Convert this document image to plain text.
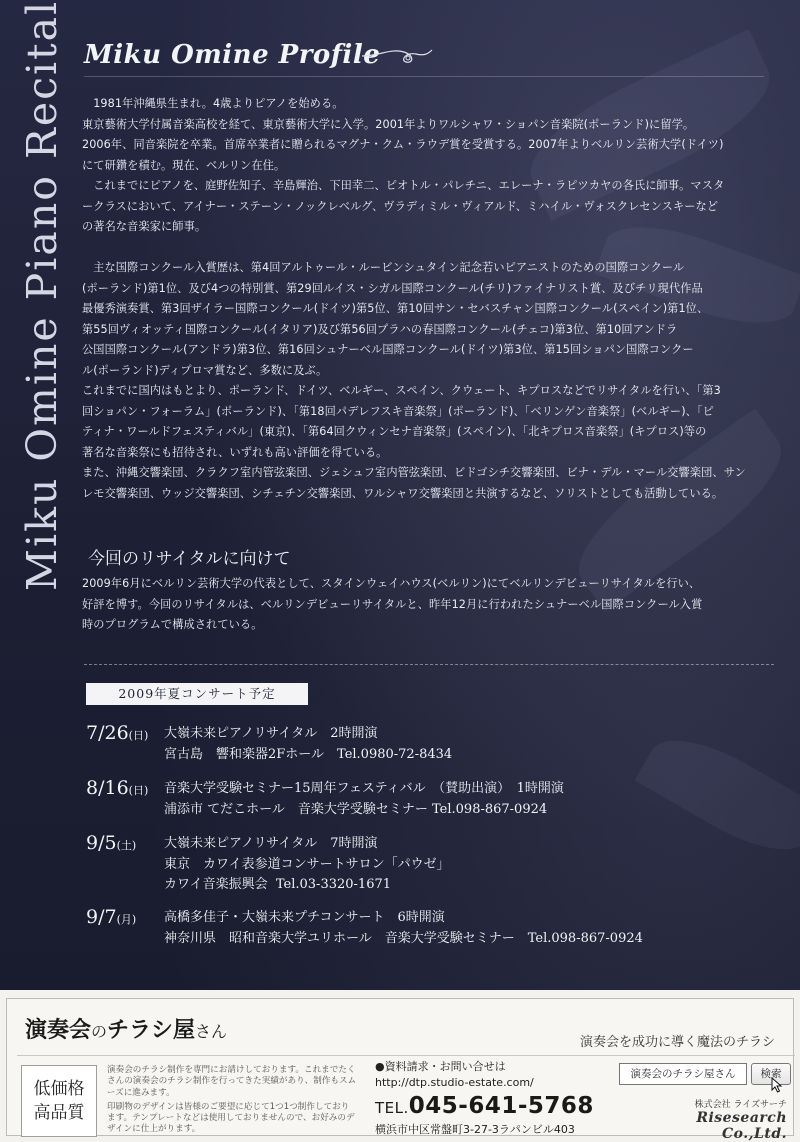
Miku Omine Piano Recital Miku Omine Profile
1981年沖縄県生まれ。4歳よりピアノを始める。
東京藝術大学付属音楽高校を経て、東京藝術大学に入学。2001年よりワルシャワ・ショパン音楽院(ポーランド)に留学。
2006年、同音楽院を卒業。首席卒業者に贈られるマグナ・クム・ラウデ賞を受賞する。2007年よりベルリン芸術大学(ドイツ)
にて研鑽を積む。現在、ベルリン在住。
これまでにピアノを、庭野佐知子、辛島輝治、下田幸二、ピオトル・パレチニ、エレーナ・ラピツカヤの各氏に師事。マスタ
ークラスにおいて、アイナー・ステーン・ノックレベルグ、ヴラディミル・ヴィアルド、ミハイル・ヴォスクレセンスキーなど
の著名な音楽家に師事。
主な国際コンクール入賞歴は、第4回アルトゥール・ルービンシュタイン記念若いピアニストのための国際コンクール
(ポーランド)第1位、及び4つの特別賞、第29回ルイス・シガル国際コンクール(チリ)ファイナリスト賞、及びチリ現代作品
最優秀演奏賞、第3回ザイラー国際コンクール(ドイツ)第5位、第10回サン・セバスチャン国際コンクール(スペイン)第1位、
第55回ヴィオッティ国際コンクール(イタリア)及び第56回プラハの春国際コンクール(チェコ)第3位、第10回アンドラ
公国国際コンクール(アンドラ)第3位、第16回シュナーベル国際コンクール(ドイツ)第3位、第15回ショパン国際コンクー
ル(ポーランド)ディプロマ賞など、多数に及ぶ。
これまでに国内はもとより、ポーランド、ドイツ、ベルギー、スペイン、クウェート、キプロスなどでリサイタルを行い、「第3
回ショパン・フォーラム」(ポーランド)、「第18回パデレフスキ音楽祭」(ポーランド)、「ベリンゲン音楽祭」(ベルギー)、「ピ
ティナ・ワールドフェスティバル」(東京)、「第64回クウィンセナ音楽祭」(スペイン)、「北キプロス音楽祭」(キプロス)等の
著名な音楽祭にも招待され、いずれも高い評価を得ている。
また、沖縄交響楽団、クラクフ室内管弦楽団、ジェシュフ室内管弦楽団、ビドゴシチ交響楽団、ビナ・デル・マール交響楽団、サン
レモ交響楽団、ウッジ交響楽団、シチェチン交響楽団、ワルシャワ交響楽団と共演するなど、ソリストとしても活動している。
今回のリサイタルに向けて
2009年6月にベルリン芸術大学の代表として、スタインウェイハウス(ベルリン)にてベルリンデビューリサイタルを行い、
好評を博す。今回のリサイタルは、ベルリンデビューリサイタルと、昨年12月に行われたシュナーベル国際コンクール入賞
時のプログラムで構成されている。
2009年夏コンサート予定
7/26(日)	大嶺未来ピアノリサイタル　2時開演
宮古島　響和楽器2Fホール　Tel.0980-72-8434
8/16(日)	音楽大学受験セミナー15周年フェスティバル　（賛助出演）　1時開演
浦添市 てだこホール　音楽大学受験セミナー Tel.098-867-0924
9/5(土)	大嶺未来ピアノリサイタル　7時開演
東京　カワイ表参道コンサートサロン「パウゼ」
カワイ音楽振興会  Tel.03-3320-1671
9/7(月)	高橋多佳子・大嶺未来プチコンサート　6時開演
神奈川県　昭和音楽大学ユリホール　音楽大学受験セミナー　Tel.098-867-0924
演奏会のチラシ屋さん
演奏会を成功に導く魔法のチラシ
低価格
高品質

演奏会のチラシ制作を専門にお請けしております。これまでたくさんの演奏会のチラシ制作を行ってきた実績があり、制作もスムーズに進みます。

印刷物のデザインは皆様のご要望に応じて1つ1つ制作しております。テンプレートなどは使用しておりませんので、お好みのデザインに仕上がります。

●資料請求・お問い合せは
http://dtp.studio-estate.com/
TEL.045-641-5768
横浜市中区常盤町3-27-3ラパンビル403
演奏会のチラシ屋さん	検索
株式会社 ライズサーチ
Risesearch Co.,Ltd.
